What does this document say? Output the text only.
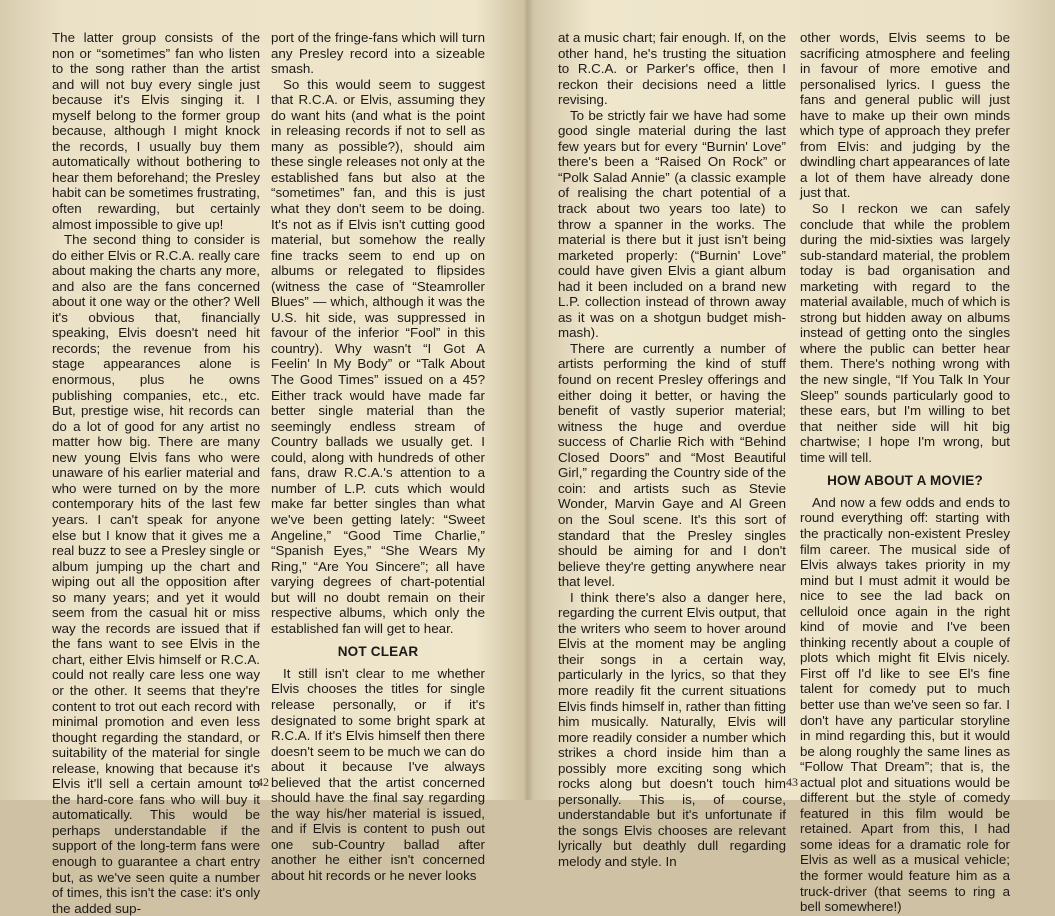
The latter group consists of the non or “sometimes” fan who listen to the song rather than the artist and will not buy every single just because it's Elvis singing it. I myself belong to the former group because, although I might knock the records, I usually buy them automatically without bothering to hear them beforehand; the Presley habit can be sometimes frustrating, often rewarding, but certainly almost impossible to give up!

The second thing to consider is do either Elvis or R.C.A. really care about making the charts any more, and also are the fans concerned about it one way or the other? Well it's obvious that, financially speaking, Elvis doesn't need hit records; the revenue from his stage appearances alone is enormous, plus he owns publishing companies, etc., etc. But, prestige wise, hit records can do a lot of good for any artist no matter how big. There are many new young Elvis fans who were unaware of his earlier material and who were turned on by the more contemporary hits of the last few years. I can't speak for anyone else but I know that it gives me a real buzz to see a Presley single or album jumping up the chart and wiping out all the opposition after so many years; and yet it would seem from the casual hit or miss way the records are issued that if the fans want to see Elvis in the chart, either Elvis himself or R.C.A. could not really care less one way or the other. It seems that they're content to trot out each record with minimal promotion and even less thought regarding the standard, or suitability of the material for single release, knowing that because it's Elvis it'll sell a certain amount to the hard-core fans who will buy it automatically. This would be perhaps understandable if the support of the long-term fans were enough to guarantee a chart entry but, as we've seen quite a number of times, this isn't the case: it's only the added sup-

port of the fringe-fans which will turn any Presley record into a sizeable smash.

So this would seem to suggest that R.C.A. or Elvis, assuming they do want hits (and what is the point in releasing records if not to sell as many as possible?), should aim these single releases not only at the established fans but also at the “sometimes” fan, and this is just what they don't seem to be doing. It's not as if Elvis isn't cutting good material, but somehow the really fine tracks seem to end up on albums or relegated to flipsides (witness the case of “Steamroller Blues” — which, although it was the U.S. hit side, was suppressed in favour of the inferior “Fool” in this country). Why wasn't “I Got A Feelin' In My Body” or “Talk About The Good Times” issued on a 45? Either track would have made far better single material than the seemingly endless stream of Country ballads we usually get. I could, along with hundreds of other fans, draw R.C.A.'s attention to a number of L.P. cuts which would make far better singles than what we've been getting lately: “Sweet Angeline,” “Good Time Charlie,” “Spanish Eyes,” “She Wears My Ring,” “Are You Sincere”; all have varying degrees of chart-potential but will no doubt remain on their respective albums, which only the established fan will get to hear.

NOT CLEAR

It still isn't clear to me whether Elvis chooses the titles for single release personally, or if it's designated to some bright spark at R.C.A. If it's Elvis himself then there doesn't seem to be much we can do about it because I've always believed that the artist concerned should have the final say regarding the way his/her material is issued, and if Elvis is content to push out one sub-Country ballad after another he either isn't concerned about hit records or he never looks

42

at a music chart; fair enough. If, on the other hand, he's trusting the situation to R.C.A. or Parker's office, then I reckon their decisions need a little revising.

To be strictly fair we have had some good single material during the last few years but for every “Burnin' Love” there's been a “Raised On Rock” or “Polk Salad Annie” (a classic example of realising the chart potential of a track about two years too late) to throw a spanner in the works. The material is there but it just isn't being marketed properly: (“Burnin' Love” could have given Elvis a giant album had it been included on a brand new L.P. collection instead of thrown away as it was on a shotgun budget mish-mash).

There are currently a number of artists performing the kind of stuff found on recent Presley offerings and either doing it better, or having the benefit of vastly superior material; witness the huge and overdue success of Charlie Rich with “Behind Closed Doors” and “Most Beautiful Girl,” regarding the Country side of the coin: and artists such as Stevie Wonder, Marvin Gaye and Al Green on the Soul scene. It's this sort of standard that the Presley singles should be aiming for and I don't believe they're getting anywhere near that level.

I think there's also a danger here, regarding the current Elvis output, that the writers who seem to hover around Elvis at the moment may be angling their songs in a certain way, particularly in the lyrics, so that they more readily fit the current situations Elvis finds himself in, rather than fitting him musically. Naturally, Elvis will more readily consider a number which strikes a chord inside him than a possibly more exciting song which rocks along but doesn't touch him personally. This is, of course, understandable but it's unfortunate if the songs Elvis chooses are relevant lyrically but deathly dull regarding melody and style. In

other words, Elvis seems to be sacrificing atmosphere and feeling in favour of more emotive and personalised lyrics. I guess the fans and general public will just have to make up their own minds which type of approach they prefer from Elvis: and judging by the dwindling chart appearances of late a lot of them have already done just that.

So I reckon we can safely conclude that while the problem during the mid-sixties was largely sub-standard material, the problem today is bad organisation and marketing with regard to the material available, much of which is strong but hidden away on albums instead of getting onto the singles where the public can better hear them. There's nothing wrong with the new single, “If You Talk In Your Sleep” sounds particularly good to these ears, but I'm willing to bet that neither side will hit big chartwise; I hope I'm wrong, but time will tell.

HOW ABOUT A MOVIE?

And now a few odds and ends to round everything off: starting with the practically non-existent Presley film career. The musical side of Elvis always takes priority in my mind but I must admit it would be nice to see the lad back on celluloid once again in the right kind of movie and I've been thinking recently about a couple of plots which might fit Elvis nicely. First off I'd like to see El's fine talent for comedy put to much better use than we've seen so far. I don't have any particular storyline in mind regarding this, but it would be along roughly the same lines as “Follow That Dream”; that is, the actual plot and situations would be different but the style of comedy featured in this film would be retained. Apart from this, I had some ideas for a dramatic role for Elvis as well as a musical vehicle; the former would feature him as a truck-driver (that seems to ring a bell somewhere!)

43
